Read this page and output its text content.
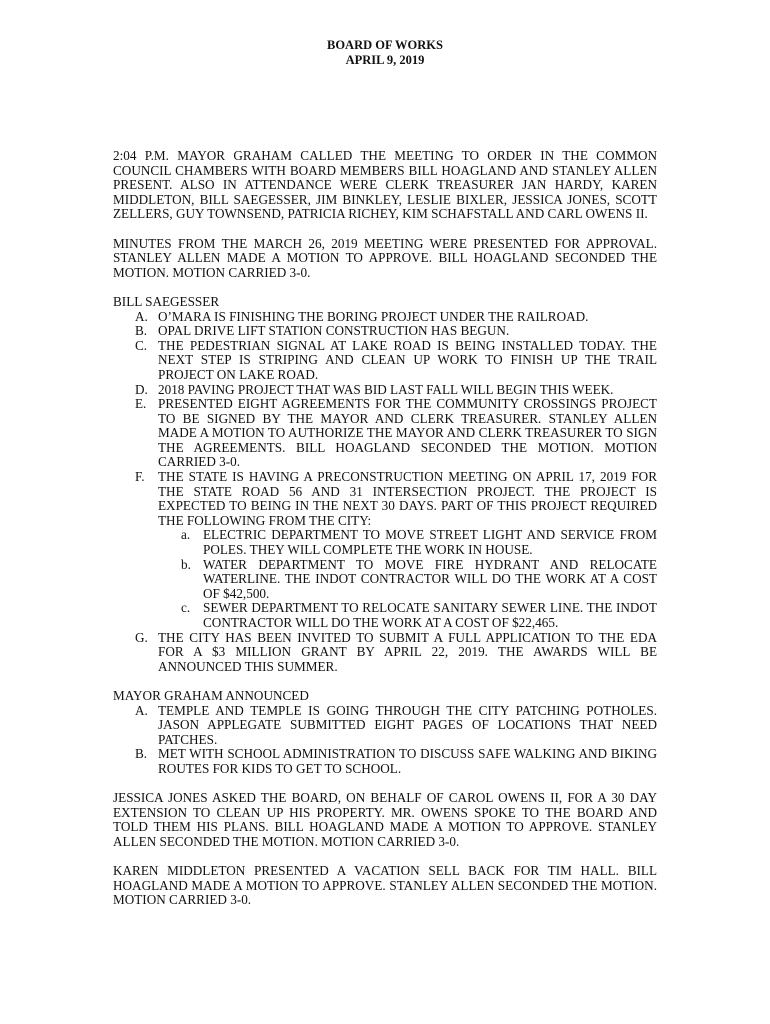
BOARD OF WORKS
APRIL 9, 2019

2:04 P.M. MAYOR GRAHAM CALLED THE MEETING TO ORDER IN THE COMMON COUNCIL CHAMBERS WITH BOARD MEMBERS BILL HOAGLAND AND STANLEY ALLEN PRESENT. ALSO IN ATTENDANCE WERE CLERK TREASURER JAN HARDY, KAREN MIDDLETON, BILL SAEGESSER, JIM BINKLEY, LESLIE BIXLER, JESSICA JONES, SCOTT ZELLERS, GUY TOWNSEND, PATRICIA RICHEY, KIM SCHAFSTALL AND CARL OWENS II.

MINUTES FROM THE MARCH 26, 2019 MEETING WERE PRESENTED FOR APPROVAL. STANLEY ALLEN MADE A MOTION TO APPROVE. BILL HOAGLAND SECONDED THE MOTION. MOTION CARRIED 3-0.

BILL SAEGESSER

A. O’MARA IS FINISHING THE BORING PROJECT UNDER THE RAILROAD.
B. OPAL DRIVE LIFT STATION CONSTRUCTION HAS BEGUN.
C. THE PEDESTRIAN SIGNAL AT LAKE ROAD IS BEING INSTALLED TODAY. THE NEXT STEP IS STRIPING AND CLEAN UP WORK TO FINISH UP THE TRAIL PROJECT ON LAKE ROAD.
D. 2018 PAVING PROJECT THAT WAS BID LAST FALL WILL BEGIN THIS WEEK.
E. PRESENTED EIGHT AGREEMENTS FOR THE COMMUNITY CROSSINGS PROJECT TO BE SIGNED BY THE MAYOR AND CLERK TREASURER. STANLEY ALLEN MADE A MOTION TO AUTHORIZE THE MAYOR AND CLERK TREASURER TO SIGN THE AGREEMENTS. BILL HOAGLAND SECONDED THE MOTION. MOTION CARRIED 3-0.
F. THE STATE IS HAVING A PRECONSTRUCTION MEETING ON APRIL 17, 2019 FOR THE STATE ROAD 56 AND 31 INTERSECTION PROJECT. THE PROJECT IS EXPECTED TO BEING IN THE NEXT 30 DAYS. PART OF THIS PROJECT REQUIRED THE FOLLOWING FROM THE CITY:
a. ELECTRIC DEPARTMENT TO MOVE STREET LIGHT AND SERVICE FROM POLES. THEY WILL COMPLETE THE WORK IN HOUSE.
b. WATER DEPARTMENT TO MOVE FIRE HYDRANT AND RELOCATE WATERLINE. THE INDOT CONTRACTOR WILL DO THE WORK AT A COST OF $42,500.
c. SEWER DEPARTMENT TO RELOCATE SANITARY SEWER LINE. THE INDOT CONTRACTOR WILL DO THE WORK AT A COST OF $22,465.
G. THE CITY HAS BEEN INVITED TO SUBMIT A FULL APPLICATION TO THE EDA FOR A $3 MILLION GRANT BY APRIL 22, 2019. THE AWARDS WILL BE ANNOUNCED THIS SUMMER.

MAYOR GRAHAM ANNOUNCED

A. TEMPLE AND TEMPLE IS GOING THROUGH THE CITY PATCHING POTHOLES. JASON APPLEGATE SUBMITTED EIGHT PAGES OF LOCATIONS THAT NEED PATCHES.
B. MET WITH SCHOOL ADMINISTRATION TO DISCUSS SAFE WALKING AND BIKING ROUTES FOR KIDS TO GET TO SCHOOL.

JESSICA JONES ASKED THE BOARD, ON BEHALF OF CAROL OWENS II, FOR A 30 DAY EXTENSION TO CLEAN UP HIS PROPERTY. MR. OWENS SPOKE TO THE BOARD AND TOLD THEM HIS PLANS. BILL HOAGLAND MADE A MOTION TO APPROVE. STANLEY ALLEN SECONDED THE MOTION. MOTION CARRIED 3-0.

KAREN MIDDLETON PRESENTED A VACATION SELL BACK FOR TIM HALL. BILL HOAGLAND MADE A MOTION TO APPROVE. STANLEY ALLEN SECONDED THE MOTION. MOTION CARRIED 3-0.
